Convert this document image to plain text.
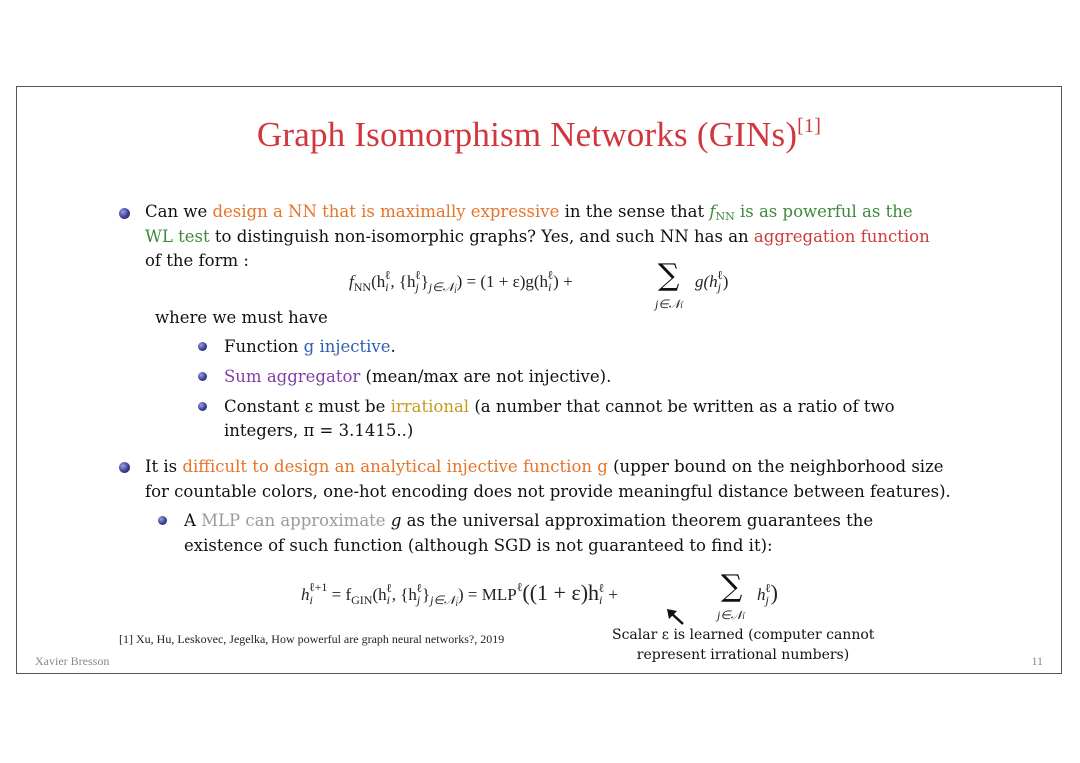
Graph Isomorphism Networks (GINs)[1]
Can we design a NN that is maximally expressive in the sense that fNN is as powerful as the
WL test to distinguish non-isomorphic graphs? Yes, and such NN has an aggregation function
of the form :
$f_{NN}(h_i^\ell$, $\{h_j^\ell\}_{j\in 𝒩i}) = (1 + \varepsilon)g(h_i^\ell)$ +	∑
j∈𝒩i
$g(h_j^\ell)$
where we must have
Function g injective.
Sum aggregator (mean/max are not injective).
Constant ε must be irrational (a number that cannot be written as a ratio of two
integers, π = 3.1415..)
It is difficult to design an analytical injective function g (upper bound on the neighborhood size
for countable colors, one-hot encoding does not provide meaningful distance between features).
A MLP can approximate g as the universal approximation theorem guarantees the
existence of such function (although SGD is not guaranteed to find it):
$h_i^{\ell+1} = f_{GIN}(h_i^\ell$, $\{h_j^\ell\}_{j\in 𝒩i}) = MLP^\ell((1 + \varepsilon)h_i^\ell$ +	∑
j∈𝒩i
$h_j^\ell$)
Scalar ε is learned (computer cannot
represent irrational numbers)
[1] Xu, Hu, Leskovec, Jegelka, How powerful are graph neural networks?, 2019
Xavier Bresson	11
